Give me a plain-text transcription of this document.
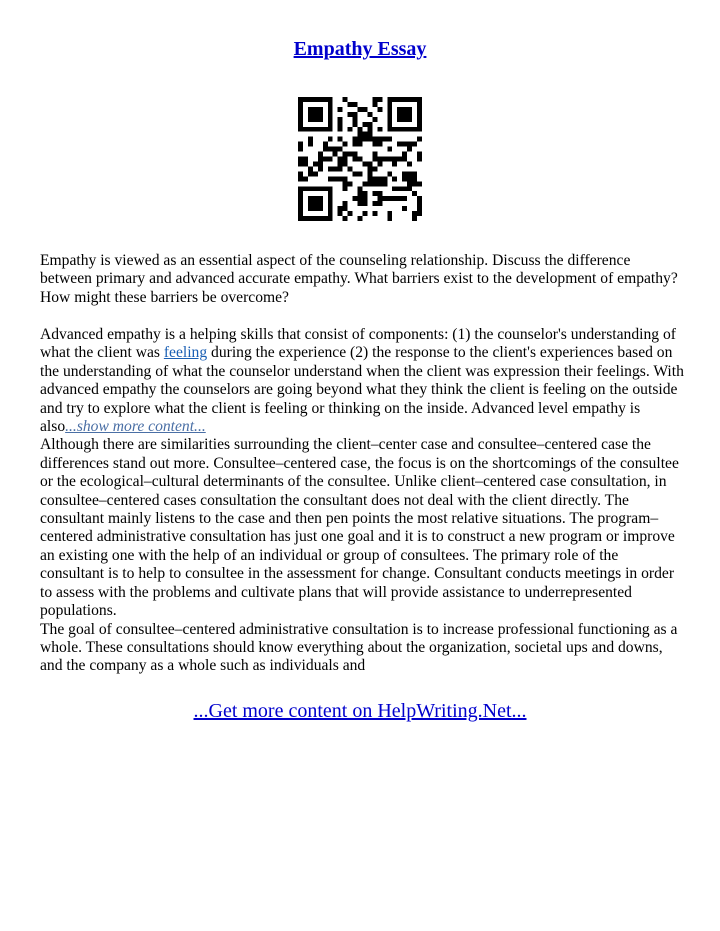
Empathy Essay
Empathy is viewed as an essential aspect of the counseling relationship. Discuss the difference between primary and advanced accurate empathy. What barriers exist to the development of empathy? How might these barriers be overcome?
Advanced empathy is a helping skills that consist of components: (1) the counselor's understanding of what the client was feeling during the experience (2) the response to the client's experiences based on the understanding of what the counselor understand when the client was expression their feelings. With advanced empathy the counselors are going beyond what they think the client is feeling on the outside and try to explore what the client is feeling or thinking on the inside. Advanced level empathy is also...show more content...
Although there are similarities surrounding the client–center case and consultee–centered case the differences stand out more. Consultee–centered case, the focus is on the shortcomings of the consultee or the ecological–cultural determinants of the consultee. Unlike client–centered case consultation, in consultee–centered cases consultation the consultant does not deal with the client directly. The consultant mainly listens to the case and then pen points the most relative situations. The program–centered administrative consultation has just one goal and it is to construct a new program or improve an existing one with the help of an individual or group of consultees. The primary role of the consultant is to help to consultee in the assessment for change. Consultant conducts meetings in order to assess with the problems and cultivate plans that will provide assistance to underrepresented populations.
The goal of consultee–centered administrative consultation is to increase professional functioning as a whole. These consultations should know everything about the organization, societal ups and downs, and the company as a whole such as individuals and
...Get more content on HelpWriting.Net...
